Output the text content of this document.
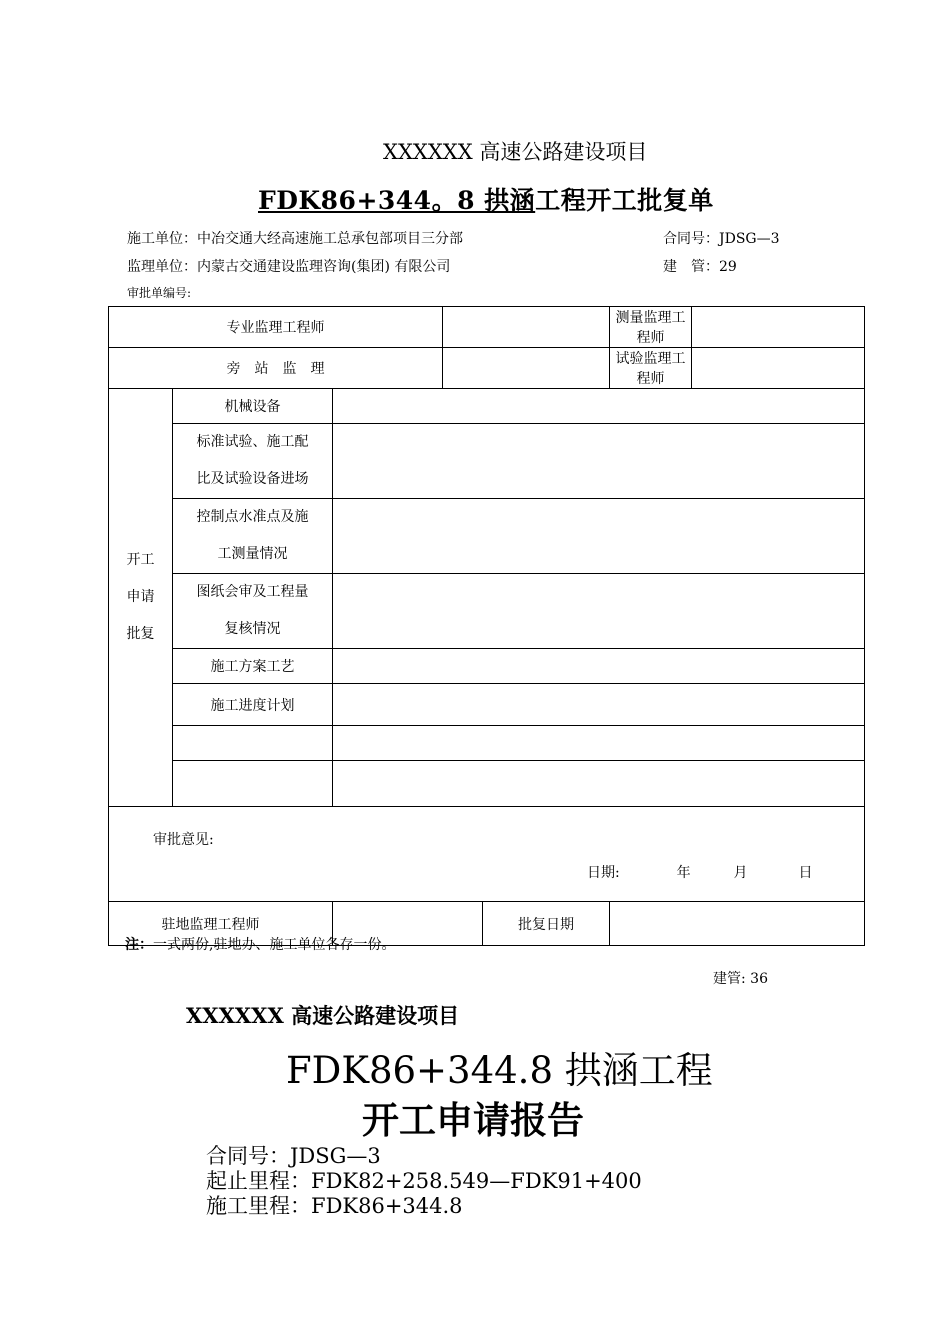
XXXXXX 高速公路建设项目
FDK86+344。8 拱涵工程开工批复单
施工单位：中冶交通大经高速施工总承包部项目三分部	合同号：JDSG—3
监理单位：内蒙古交通建设监理咨询(集团) 有限公司	建　管：29
审批单编号:
专业监理工程师					测量监理工程师	
旁　站　监　理					试验监理工程师	

开工
申请
批复	机械设备					

	标准试验、施工配
比及试验设备进场					

	控制点水准点及施
工测量情况					

	图纸会审及工程量
复核情况					

	施工方案工艺					
	施工进度计划					

审批意见:
日期: 年 月 日						

驻地监理工程师				批复日期		
注：一式两份,驻地办、施工单位各存一份。
建管: 36
XXXXXX 高速公路建设项目
FDK86+344.8 拱涵工程
开工申请报告
合同号：JDSG—3
起止里程：FDK82+258.549—FDK91+400
施工里程：FDK86+344.8
